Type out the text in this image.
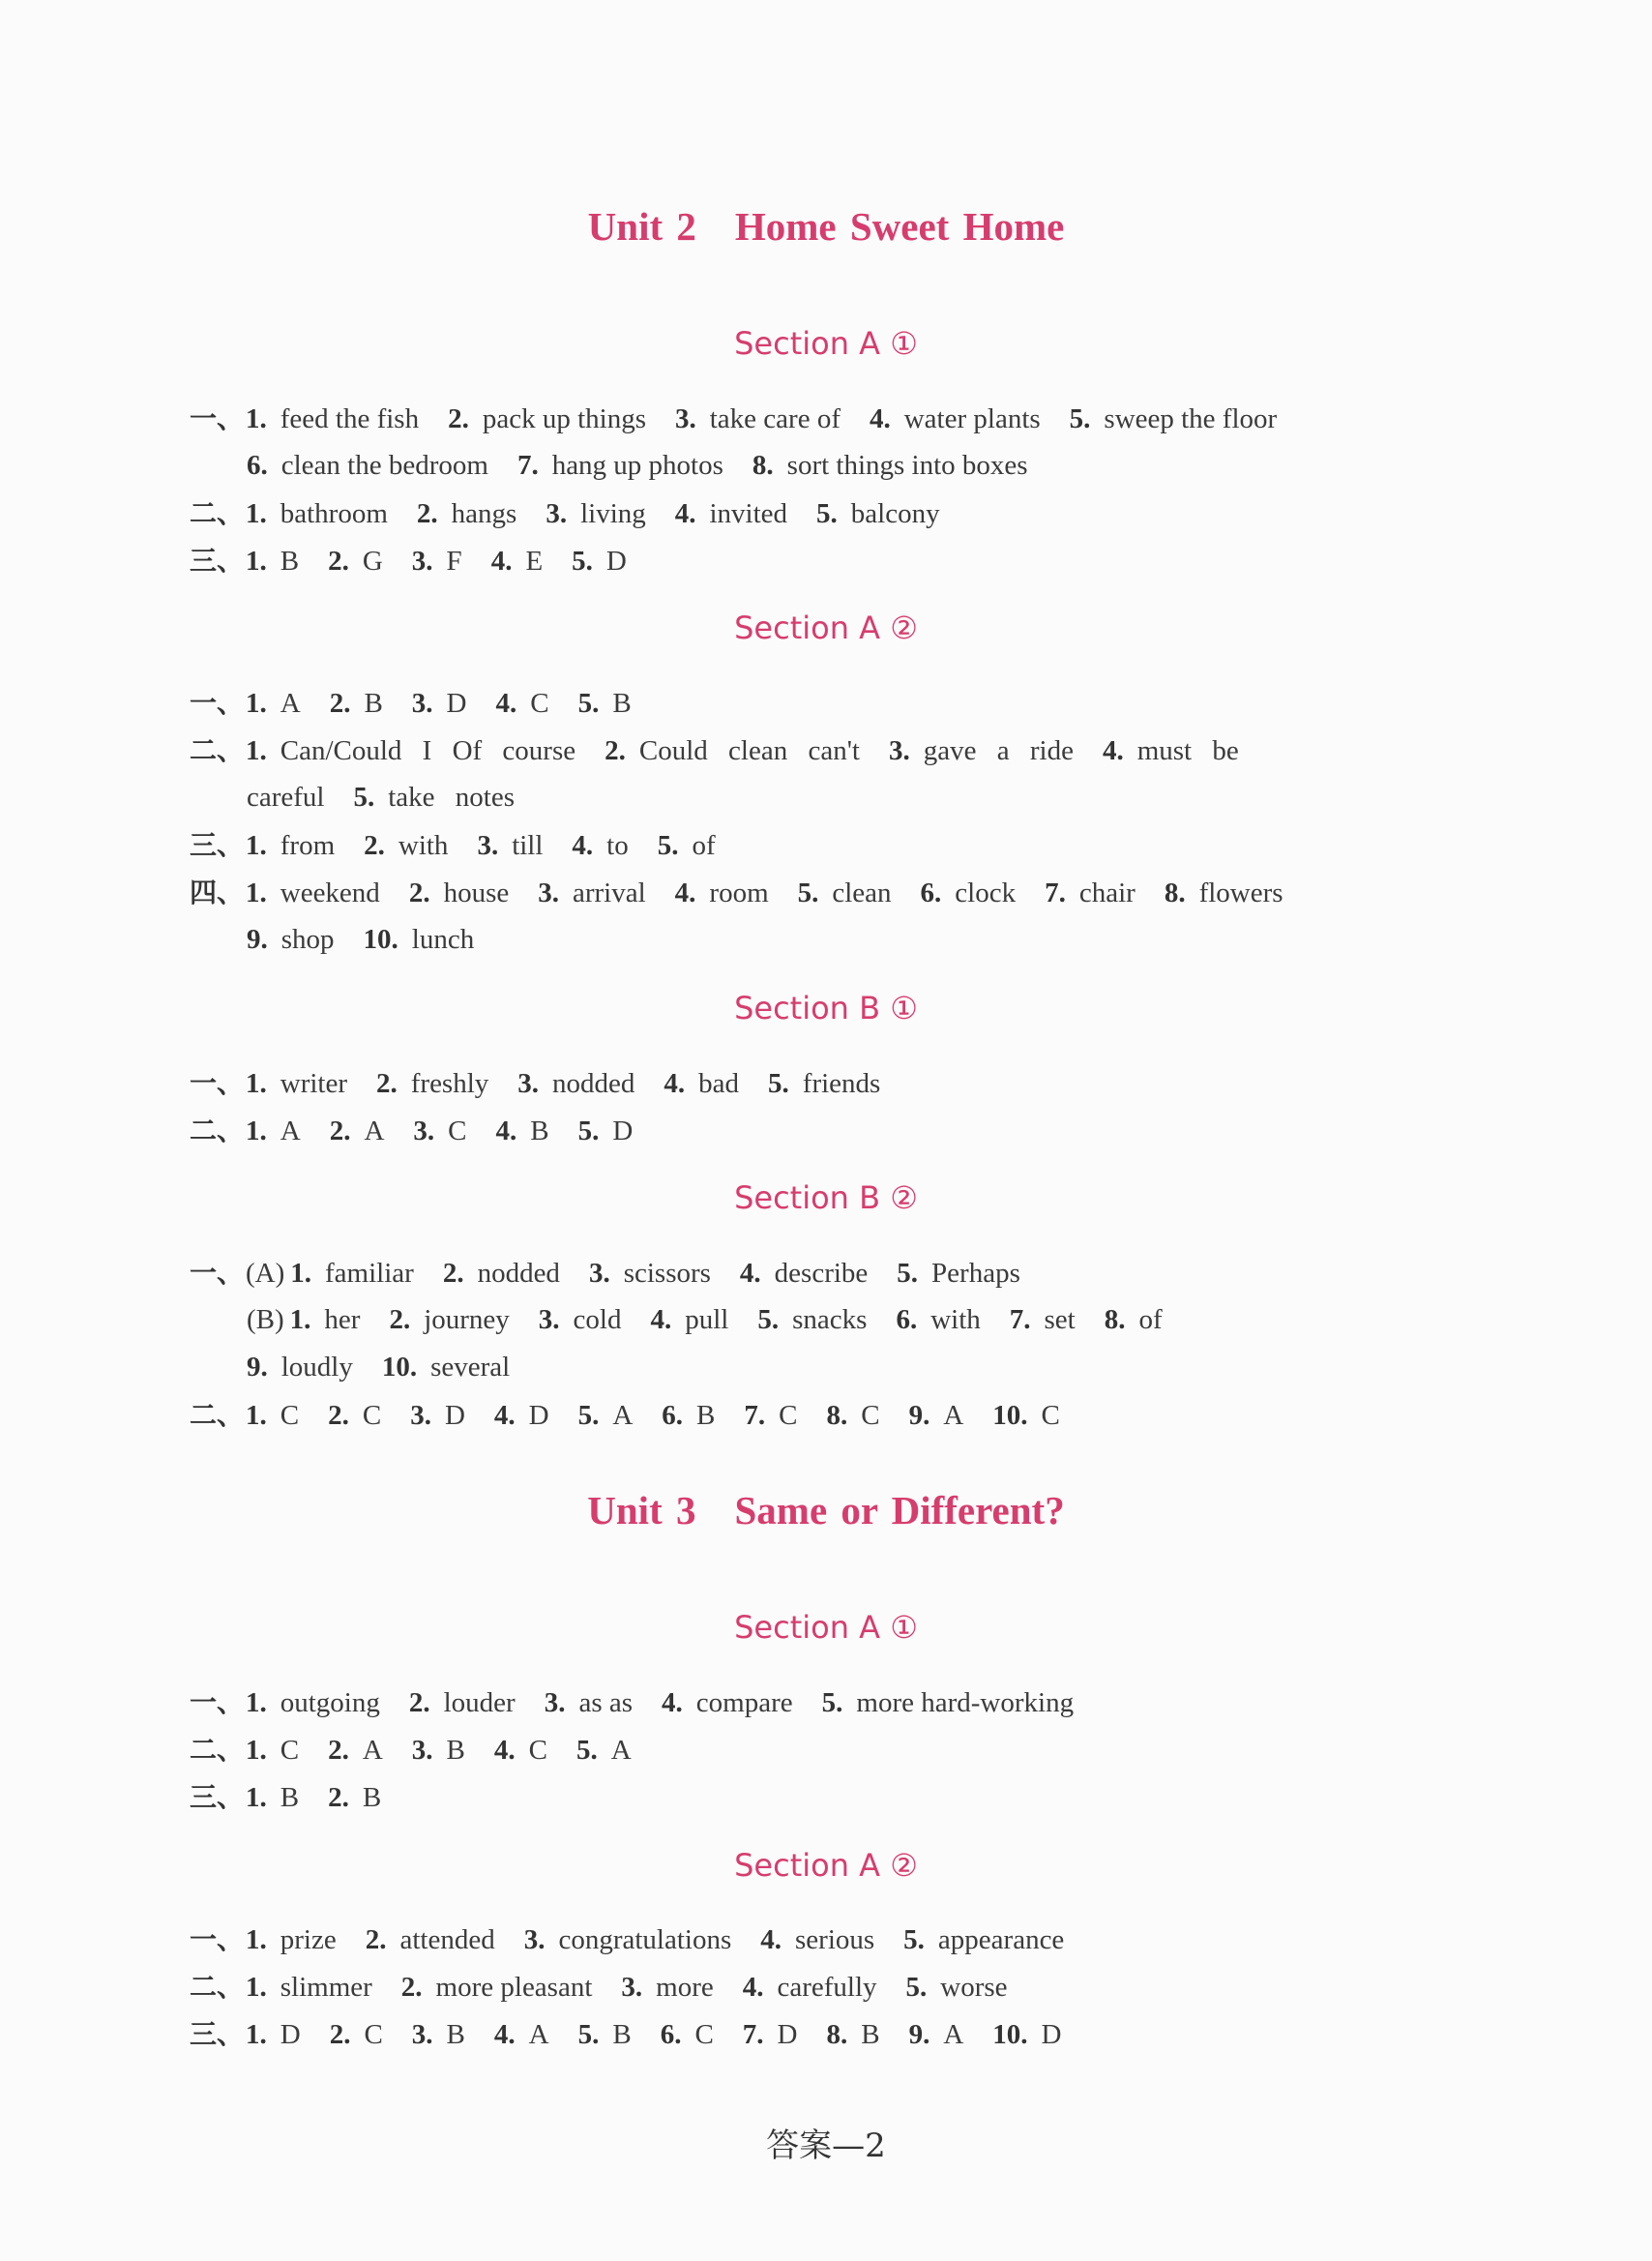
Unit 2 Home Sweet Home
Section A ①
一、1. feed the fish 2. pack up things 3. take care of 4. water plants 5. sweep the floor
6. clean the bedroom 7. hang up photos 8. sort things into boxes
二、1. bathroom 2. hangs 3. living 4. invited 5. balcony
三、1. B 2. G 3. F 4. E 5. D
Section A ②
一、1. A 2. B 3. D 4. C 5. B
二、1. Can/Could I Of course 2. Could clean can't 3. gave a ride 4. must be
careful 5. take notes
三、1. from 2. with 3. till 4. to 5. of
四、1. weekend 2. house 3. arrival 4. room 5. clean 6. clock 7. chair 8. flowers
9. shop 10. lunch
Section B ①
一、1. writer 2. freshly 3. nodded 4. bad 5. friends
二、1. A 2. A 3. C 4. B 5. D
Section B ②
一、(A) 1. familiar 2. nodded 3. scissors 4. describe 5. Perhaps
(B) 1. her 2. journey 3. cold 4. pull 5. snacks 6. with 7. set 8. of
9. loudly 10. several
二、1. C 2. C 3. D 4. D 5. A 6. B 7. C 8. C 9. A 10. C
Unit 3 Same or Different?
Section A ①
一、1. outgoing 2. louder 3. as as 4. compare 5. more hard-working
二、1. C 2. A 3. B 4. C 5. A
三、1. B 2. B
Section A ②
一、1. prize 2. attended 3. congratulations 4. serious 5. appearance
二、1. slimmer 2. more pleasant 3. more 4. carefully 5. worse
三、1. D 2. C 3. B 4. A 5. B 6. C 7. D 8. B 9. A 10. D
答案—2
